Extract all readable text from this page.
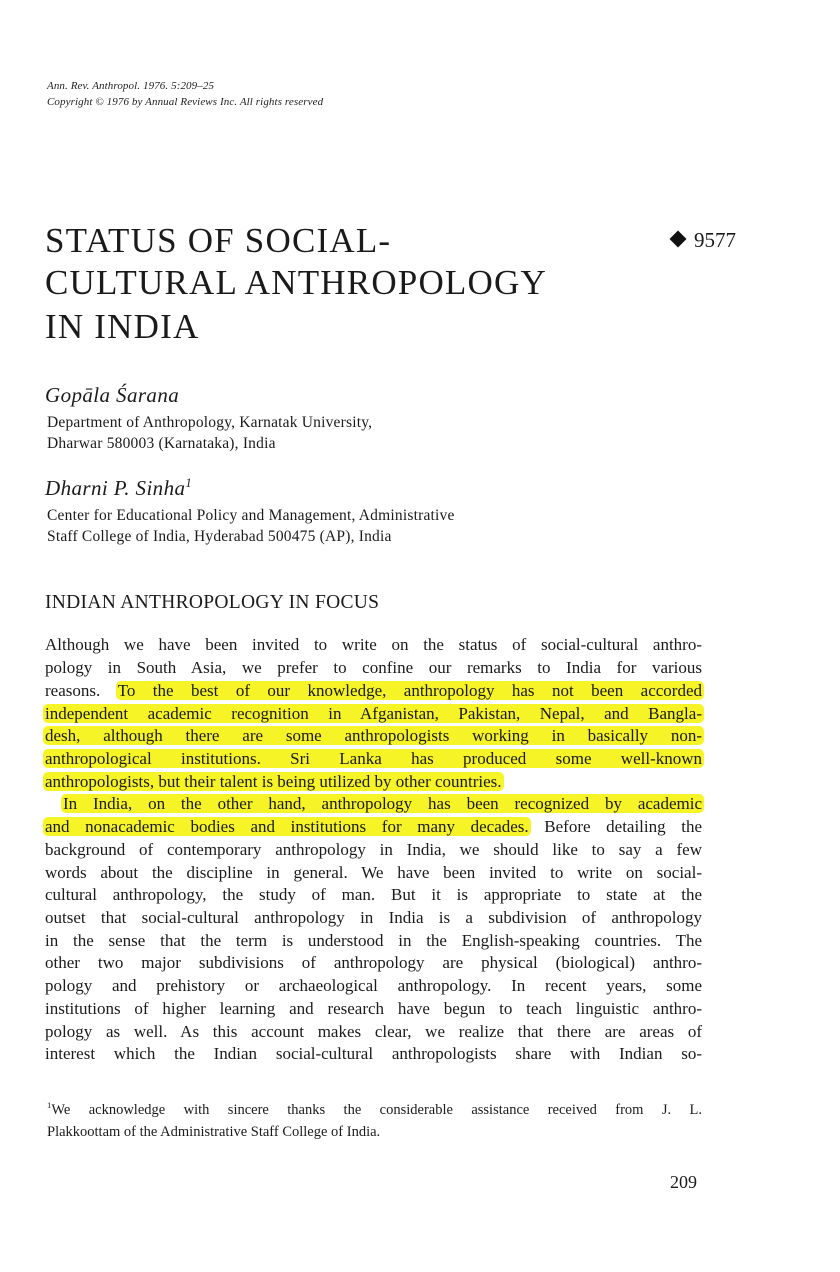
Ann. Rev. Anthropol. 1976. 5:209–25
Copyright © 1976 by Annual Reviews Inc. All rights reserved
STATUS OF SOCIAL-
CULTURAL ANTHROPOLOGY
IN INDIA
9577
Gopāla Śarana
Department of Anthropology, Karnatak University,
Dharwar 580003 (Karnataka), India
Dharni P. Sinha$^1$
Center for Educational Policy and Management, Administrative
Staff College of India, Hyderabad 500475 (AP), India
INDIAN ANTHROPOLOGY IN FOCUS
Although we have been invited to write on the status of social-cultural anthro-
pology in South Asia, we prefer to confine our remarks to India for various
reasons. To the best of our knowledge, anthropology has not been accorded
independent academic recognition in Afganistan, Pakistan, Nepal, and Bangla-
desh, although there are some anthropologists working in basically non-
anthropological institutions. Sri Lanka has produced some well-known
anthropologists, but their talent is being utilized by other countries.
In India, on the other hand, anthropology has been recognized by academic
and nonacademic bodies and institutions for many decades. Before detailing the
background of contemporary anthropology in India, we should like to say a few
words about the discipline in general. We have been invited to write on social-
cultural anthropology, the study of man. But it is appropriate to state at the
outset that social-cultural anthropology in India is a subdivision of anthropology
in the sense that the term is understood in the English-speaking countries. The
other two major subdivisions of anthropology are physical (biological) anthro-
pology and prehistory or archaeological anthropology. In recent years, some
institutions of higher learning and research have begun to teach linguistic anthro-
pology as well. As this account makes clear, we realize that there are areas of
interest which the Indian social-cultural anthropologists share with Indian so-
$^1$We acknowledge with sincere thanks the considerable assistance received from J. L.
Plakkoottam of the Administrative Staff College of India.
209
